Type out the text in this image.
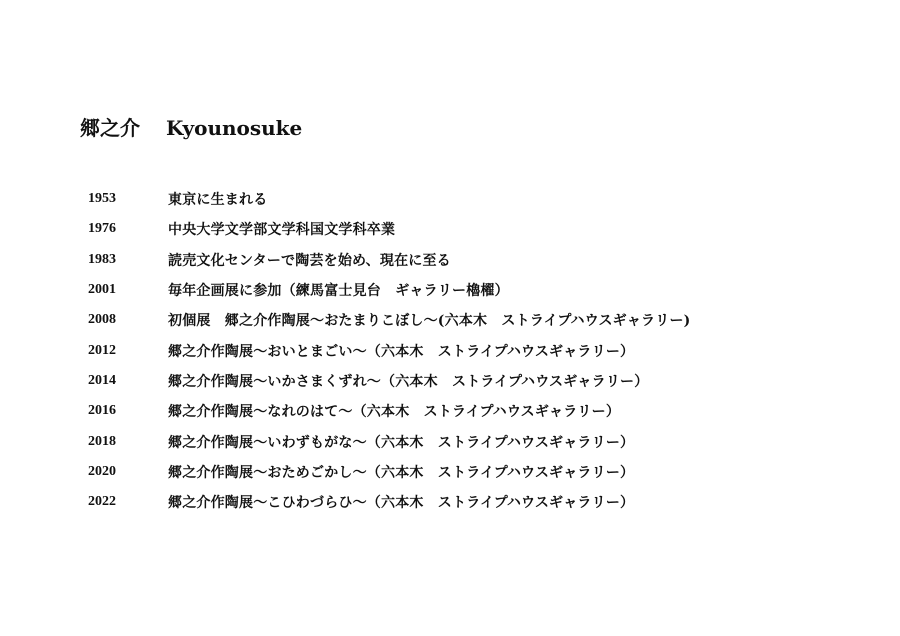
郷之介 Kyounosuke
1953	東京に生まれる
1976	中央大学文学部文学科国文学科卒業
1983	読売文化センターで陶芸を始め、現在に至る
2001	毎年企画展に参加（練馬富士見台　ギャラリー櫓櫂）
2008	初個展　郷之介作陶展～おたまりこぼし～(六本木　ストライプハウスギャラリー)
2012	郷之介作陶展～おいとまごい～（六本木　ストライプハウスギャラリー）
2014	郷之介作陶展～いかさまくずれ～（六本木　ストライプハウスギャラリー）
2016	郷之介作陶展～なれのはて～（六本木　ストライプハウスギャラリー）
2018	郷之介作陶展～いわずもがな～（六本木　ストライプハウスギャラリー）
2020	郷之介作陶展～おためごかし～（六本木　ストライプハウスギャラリー）
2022	郷之介作陶展～こひわづらひ～（六本木　ストライプハウスギャラリー）
